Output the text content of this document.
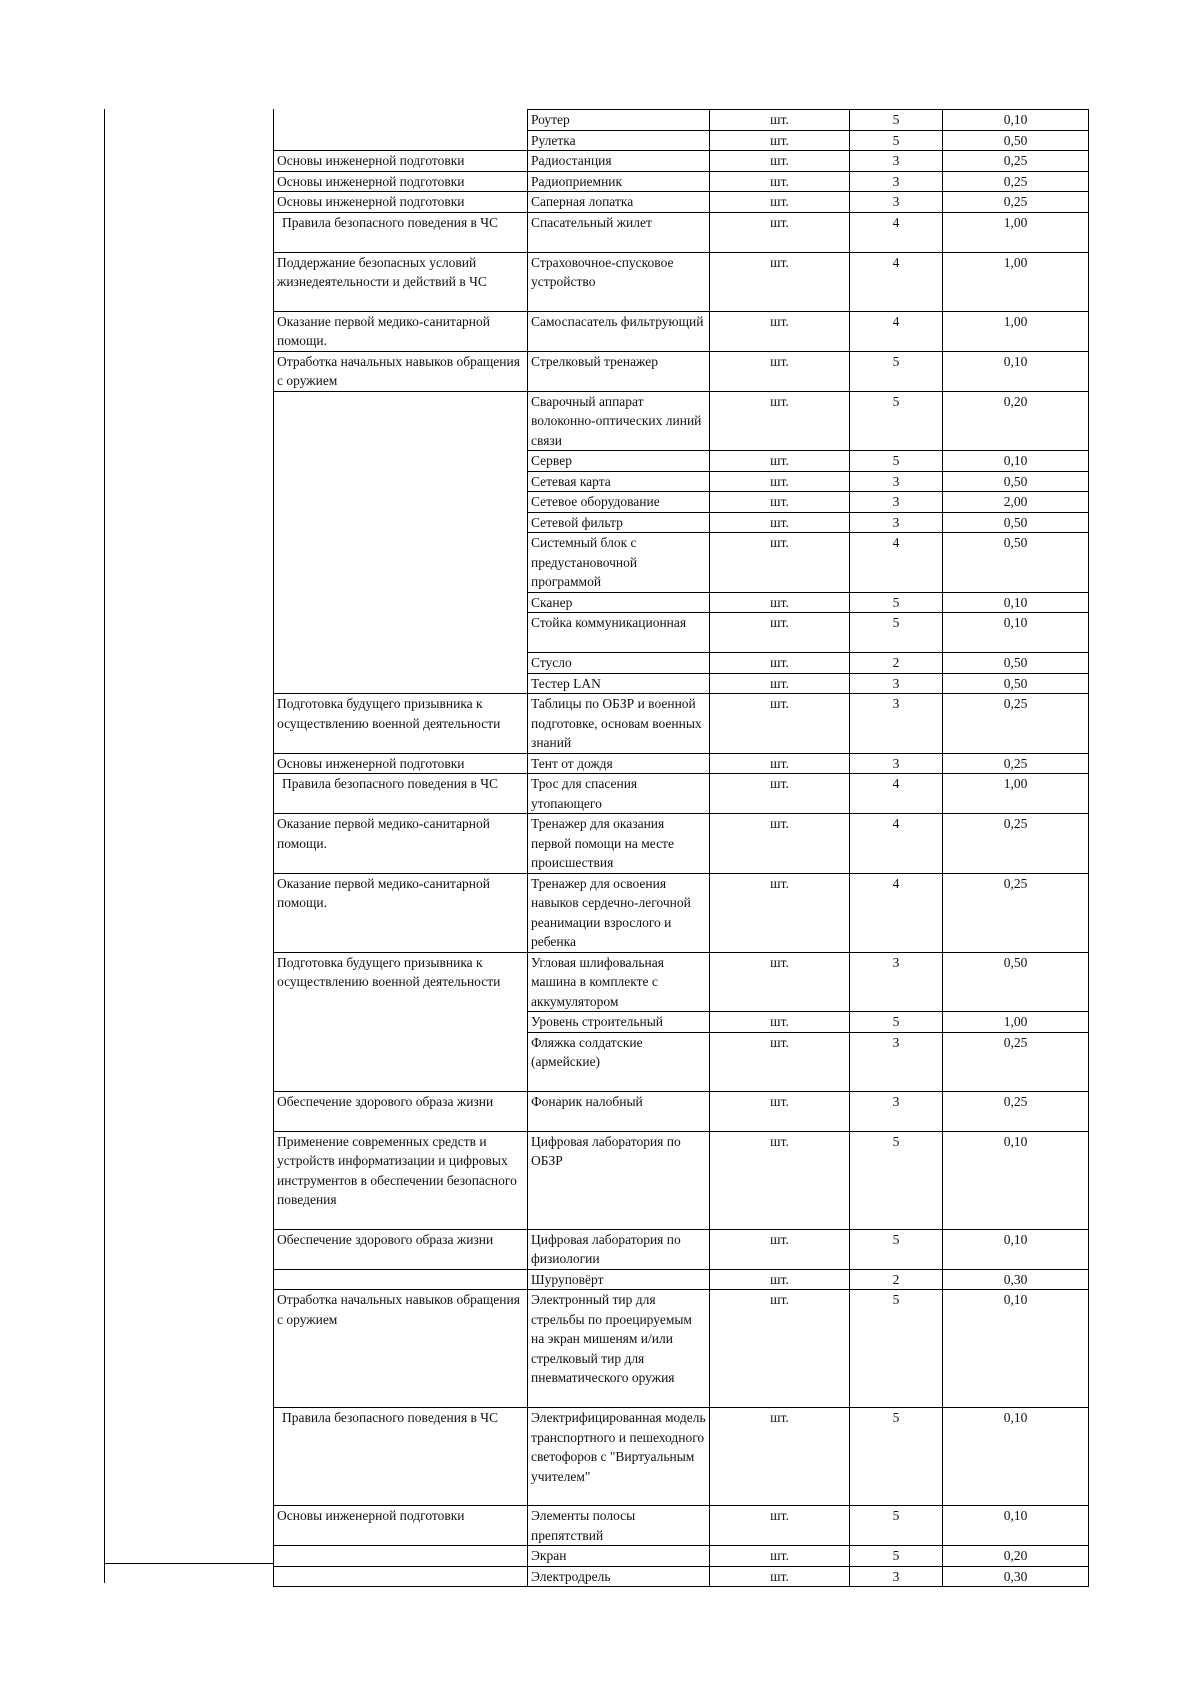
	Роутер	шт.	5	0,10
	Рулетка	шт.	5	0,50
Основы инженерной подготовки	Радиостанция	шт.	3	0,25
Основы инженерной подготовки	Радиоприемник	шт.	3	0,25
Основы инженерной подготовки	Саперная лопатка	шт.	3	0,25
Правила безопасного поведения в ЧС	Спасательный жилет	шт.	4	1,00
Поддержание безопасных условий жизнедеятельности и действий в ЧС	Страховочное-спусковое устройство	шт.	4	1,00
Оказание первой медико-санитарной помощи.	Самоспасатель фильтрующий	шт.	4	1,00
Отработка начальных навыков обращения с оружием	Стрелковый тренажер	шт.	5	0,10
	Сварочный аппарат волоконно-оптических линий связи	шт.	5	0,20
	Сервер	шт.	5	0,10
	Сетевая карта	шт.	3	0,50
	Сетевое оборудование	шт.	3	2,00
	Сетевой фильтр	шт.	3	0,50
	Системный блок с предустановочной программой	шт.	4	0,50
	Сканер	шт.	5	0,10
	Стойка коммуникационная	шт.	5	0,10
	Стусло	шт.	2	0,50
	Тестер LAN	шт.	3	0,50
Подготовка будущего призывника к осуществлению военной деятельности	Таблицы по ОБЗР и военной подготовке, основам военных знаний	шт.	3	0,25
Основы инженерной подготовки	Тент от дождя	шт.	3	0,25
Правила безопасного поведения в ЧС	Трос для спасения утопающего	шт.	4	1,00
Оказание первой медико-санитарной помощи.	Тренажер для оказания первой помощи на месте происшествия	шт.	4	0,25
Оказание первой медико-санитарной помощи.	Тренажер для освоения навыков сердечно-легочной реанимации взрослого и ребенка	шт.	4	0,25
Подготовка будущего призывника к осуществлению военной деятельности	Угловая шлифовальная машина в комплекте с аккумулятором	шт.	3	0,50
	Уровень строительный	шт.	5	1,00
	Фляжка солдатские (армейские)	шт.	3	0,25
Обеспечение здорового образа жизни	Фонарик налобный	шт.	3	0,25
Применение современных средств и устройств информатизации и цифровых инструментов в обеспечении безопасного поведения	Цифровая лаборатория по ОБЗР	шт.	5	0,10
Обеспечение здорового образа жизни	Цифровая лаборатория по физиологии	шт.	5	0,10
	Шуруповёрт	шт.	2	0,30
Отработка начальных навыков обращения с оружием	Электронный тир для стрельбы по проецируемым на экран мишеням и/или стрелковый тир для пневматического оружия	шт.	5	0,10
Правила безопасного поведения в ЧС	Электрифицированная модель транспортного и пешеходного светофоров с "Виртуальным учителем"	шт.	5	0,10
Основы инженерной подготовки	Элементы полосы препятствий	шт.	5	0,10
	Экран	шт.	5	0,20
	Электродрель	шт.	3	0,30
